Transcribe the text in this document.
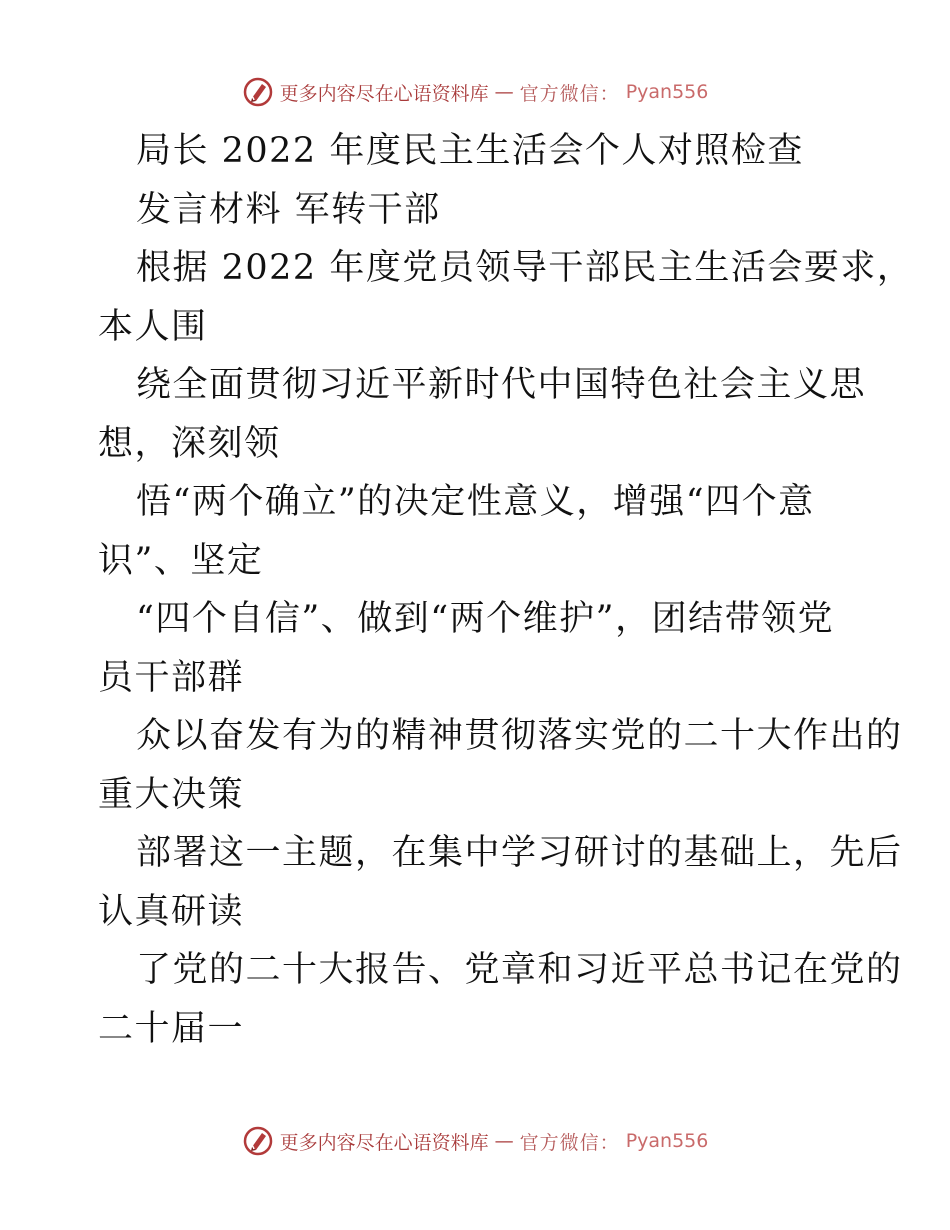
更多内容尽在心语资料库 — 官方微信： Pyan556
局长 2022 年度民主生活会个人对照检查
发言材料 军转干部
根据 2022 年度党员领导干部民主生活会要求，
本人围
绕全面贯彻习近平新时代中国特色社会主义思
想，深刻领
悟“两个确立”的决定性意义，增强“四个意
识”、坚定
“四个自信”、做到“两个维护”，团结带领党
员干部群
众以奋发有为的精神贯彻落实党的二十大作出的
重大决策
部署这一主题，在集中学习研讨的基础上，先后
认真研读
了党的二十大报告、党章和习近平总书记在党的
二十届一
更多内容尽在心语资料库 — 官方微信： Pyan556
